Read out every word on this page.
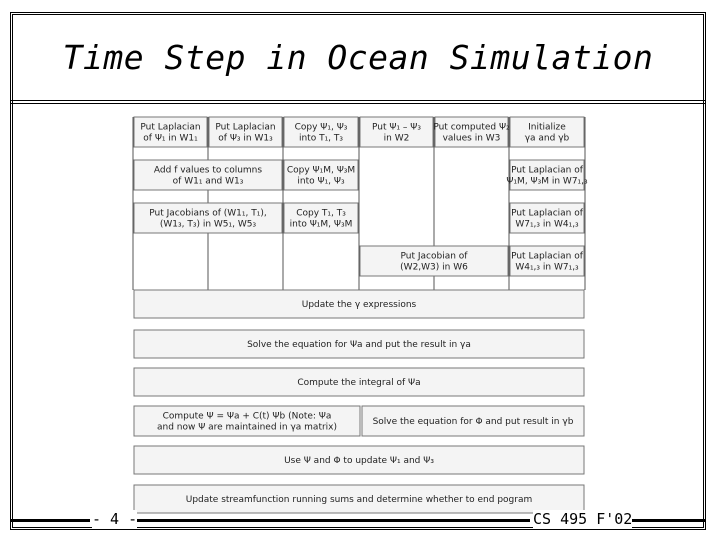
Time Step in Ocean Simulation
Put Laplacian
of Ψ₁ in W1₁
Put Laplacian
of Ψ₃ in W1₃
Copy Ψ₁, Ψ₃
into T₁, T₃
Put Ψ₁ – Ψ₃
in W2
Put computed Ψ₂
values in W3
Initialize
γa and γb
Add f values to columns
of W1₁ and W1₃
Copy Ψ₁M, Ψ₃M
into Ψ₁, Ψ₃
Put Laplacian of
Ψ₁M, Ψ₃M in W7₁,₃
Put Jacobians of (W1₁, T₁),
(W1₃, T₃) in W5₁, W5₃
Copy T₁, T₃
into Ψ₁M, Ψ₃M
Put Laplacian of
W7₁,₃ in W4₁,₃
Put Jacobian of
(W2,W3) in W6
Put Laplacian of
W4₁,₃ in W7₁,₃
Update the γ expressions
Solve the equation for Ψa and put the result in γa
Compute the integral of Ψa
Compute Ψ = Ψa + C(t) Ψb (Note: Ψa
and now Ψ are maintained in γa matrix)
Solve the equation for Φ and put result in γb
Use Ψ and Φ to update Ψ₁ and Ψ₃
Update streamfunction running sums and determine whether to end pogram
- 4 -	CS 495 F'02
